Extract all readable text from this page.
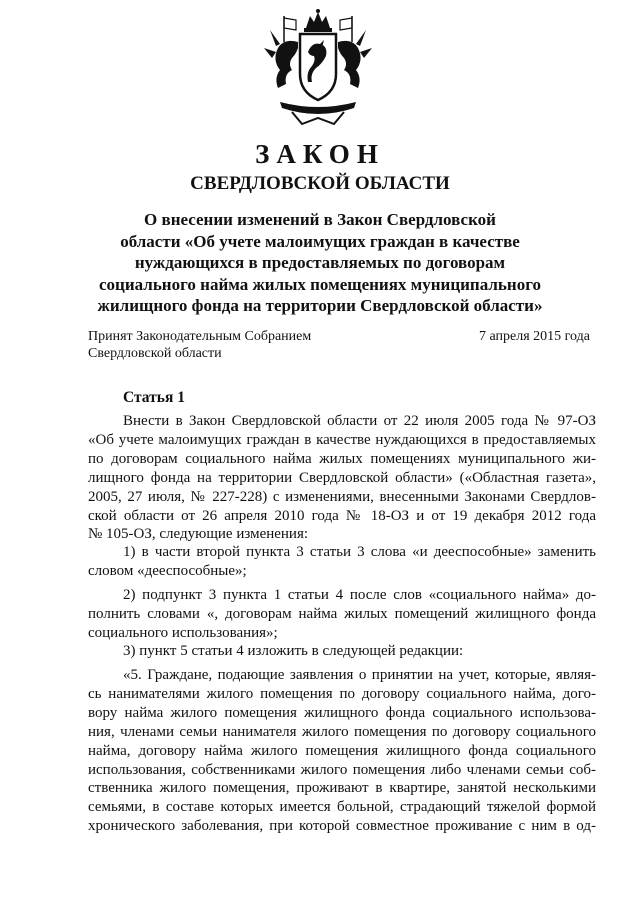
ЗАКОН
СВЕРДЛОВСКОЙ ОБЛАСТИ
О внесении изменений в Закон Свердловской
области «Об учете малоимущих граждан в качестве
нуждающихся в предоставляемых по договорам
социального найма жилых помещениях муниципального
жилищного фонда на территории Свердловской области»
Принят Законодательным Собранием
Свердловской области
7 апреля 2015 года
Статья 1
Внести в Закон Свердловской области от 22 июля 2005 года № 97-ОЗ
«Об учете малоимущих граждан в качестве нуждающихся в предоставляемых
по договорам социального найма жилых помещениях муниципального жи-
лищного фонда на территории Свердловской области» («Областная газета»,
2005, 27 июля, № 227-228) с изменениями, внесенными Законами Свердлов-
ской области от 26 апреля 2010 года № 18-ОЗ и от 19 декабря 2012 года
№ 105-ОЗ, следующие изменения:
1) в части второй пункта 3 статьи 3 слова «и дееспособные» заменить
словом «дееспособные»;
2) подпункт 3 пункта 1 статьи 4 после слов «социального найма» до-
полнить словами «, договорам найма жилых помещений жилищного фонда
социального использования»;
3) пункт 5 статьи 4 изложить в следующей редакции:
«5. Граждане, подающие заявления о принятии на учет, которые, являя-
сь нанимателями жилого помещения по договору социального найма, дого-
вору найма жилого помещения жилищного фонда социального использова-
ния, членами семьи нанимателя жилого помещения по договору социального
найма, договору найма жилого помещения жилищного фонда социального
использования, собственниками жилого помещения либо членами семьи соб-
ственника жилого помещения, проживают в квартире, занятой несколькими
семьями, в составе которых имеется больной, страдающий тяжелой формой
хронического заболевания, при которой совместное проживание с ним в од-
